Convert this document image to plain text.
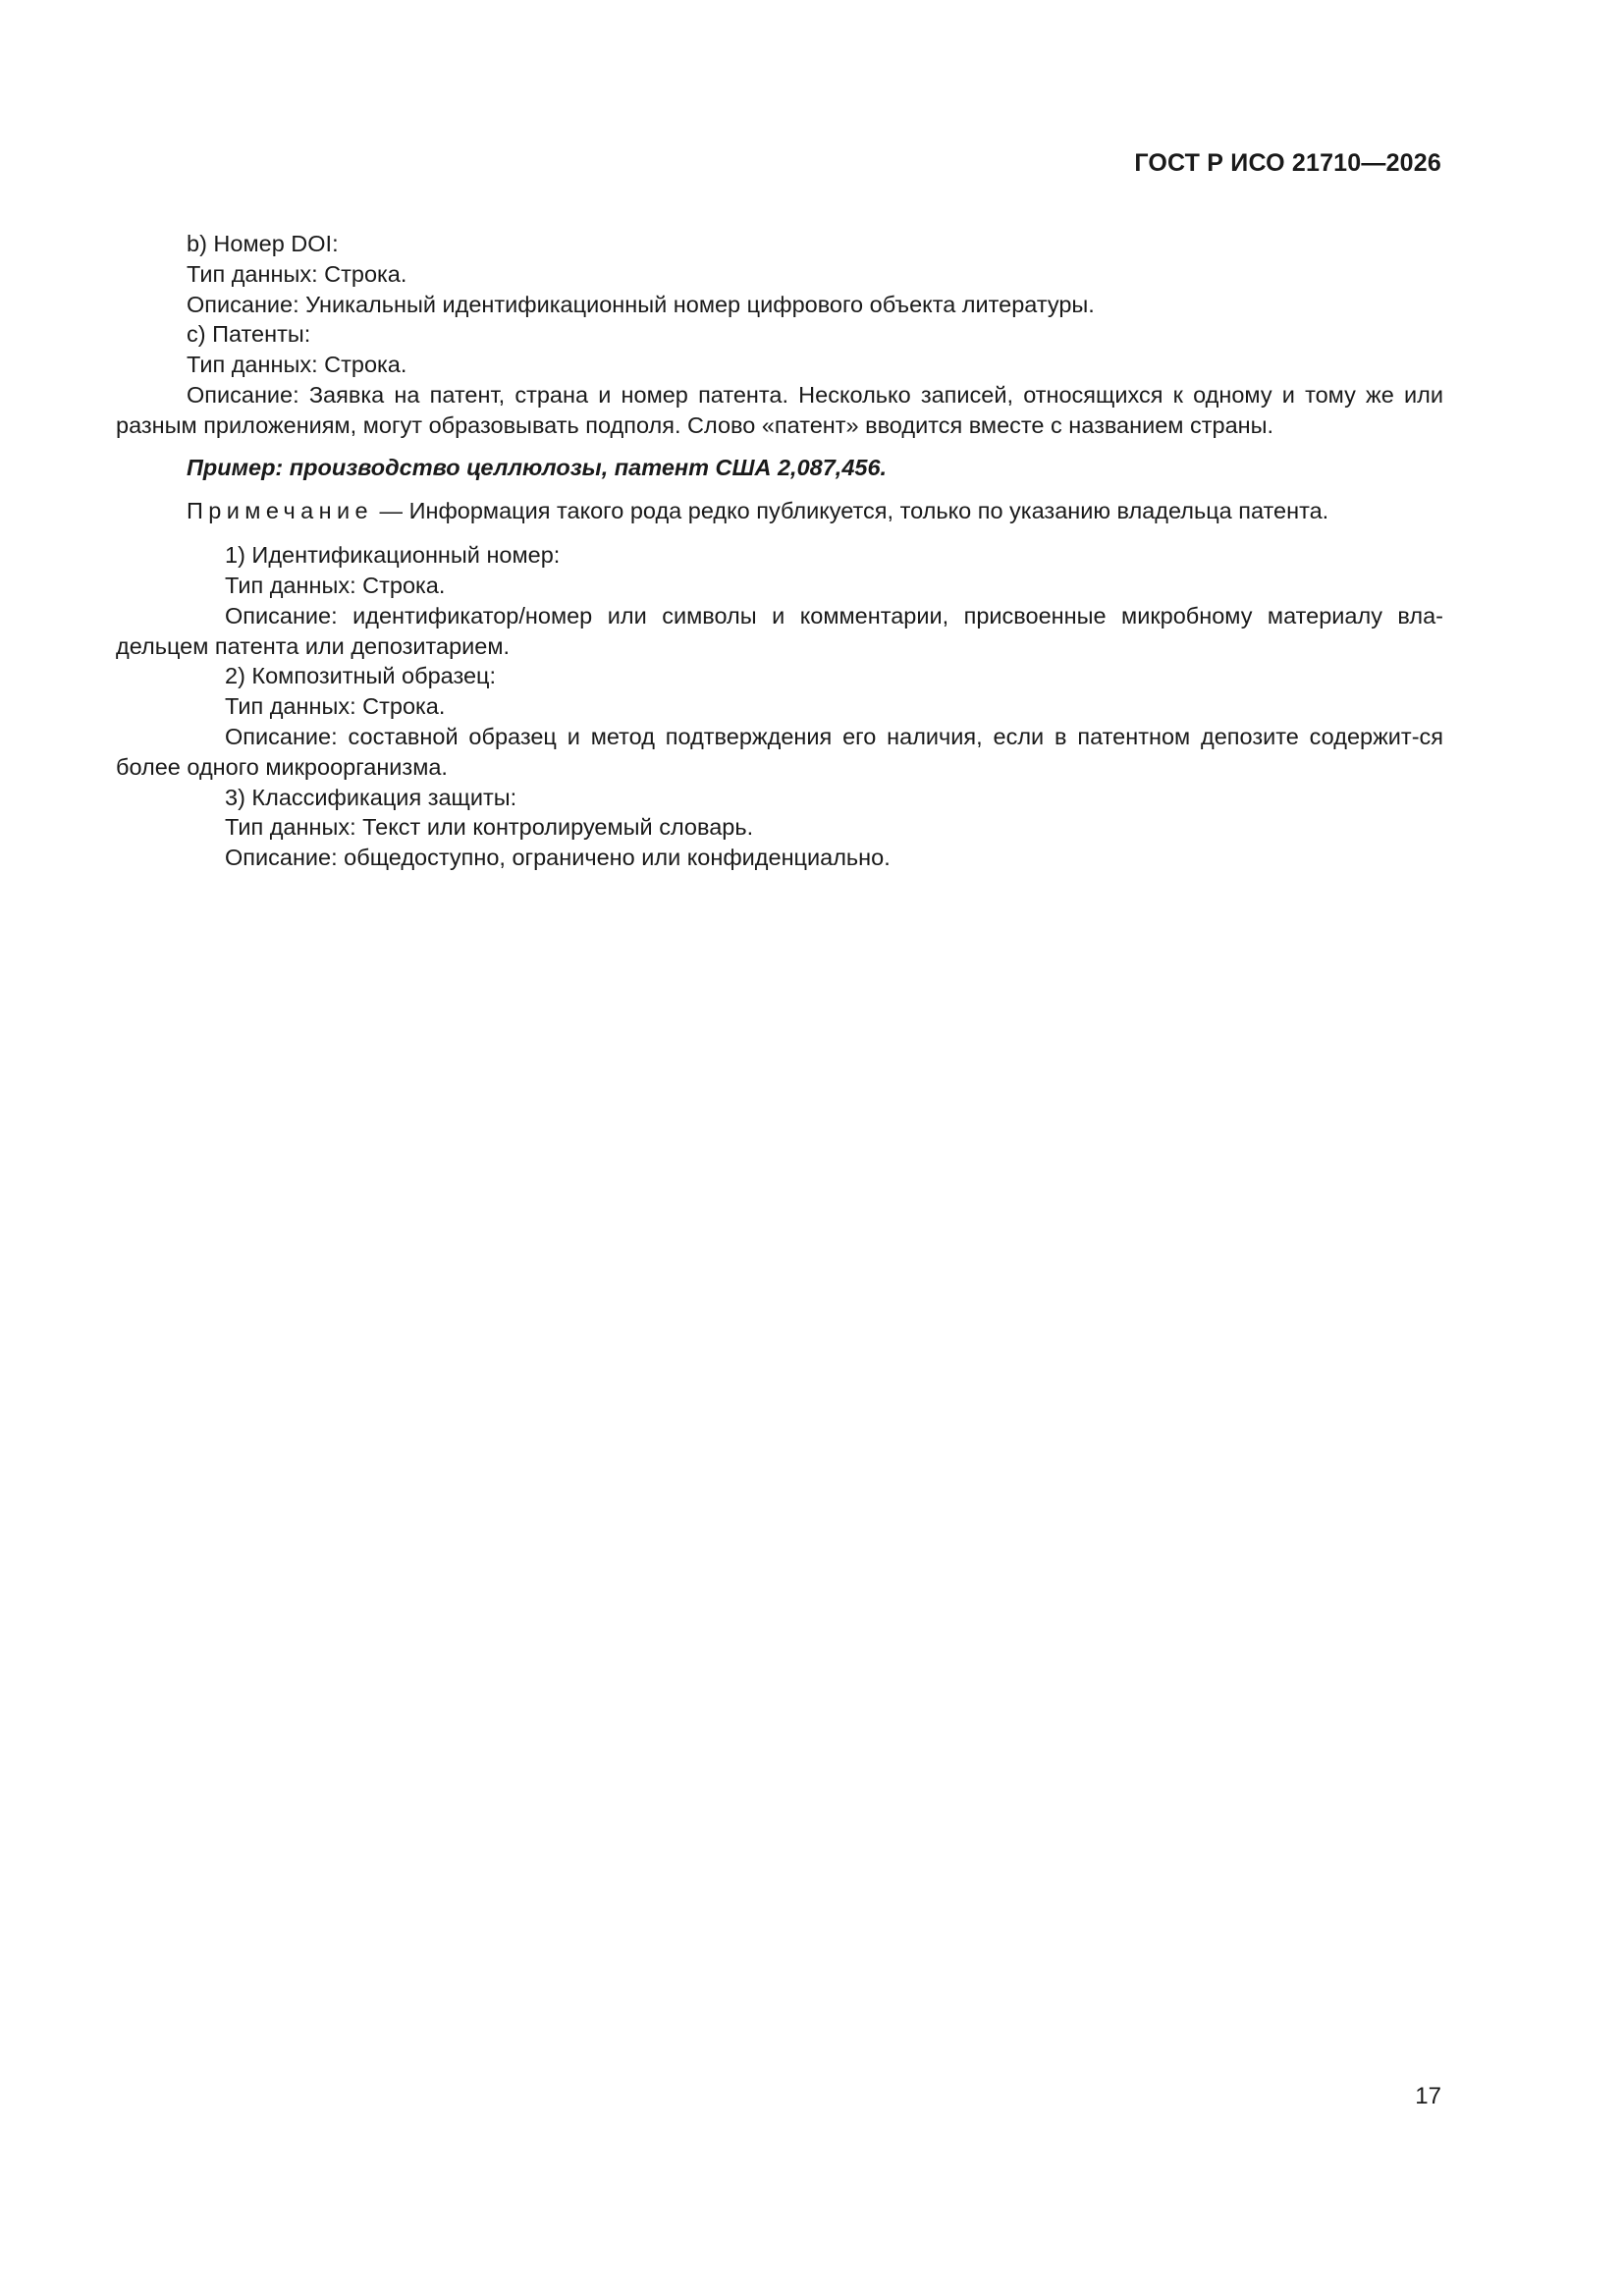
ГОСТ Р ИСО 21710—2026

b) Номер DOI:

Тип данных: Строка.

Описание: Уникальный идентификационный номер цифрового объекта литературы.

c) Патенты:

Тип данных: Строка.

Описание: Заявка на патент, страна и номер патента. Несколько записей, относящихся к одному и тому же или разным приложениям, могут образовывать подполя. Слово «патент» вводится вместе с названием страны.

Пример: производство целлюлозы, патент США 2,087,456.

Примечание — Информация такого рода редко публикуется, только по указанию владельца патента.

1) Идентификационный номер:

Тип данных: Строка.

Описание: идентификатор/номер или символы и комментарии, присвоенные микробному материалу вла-дельцем патента или депозитарием.

2) Композитный образец:

Тип данных: Строка.

Описание: составной образец и метод подтверждения его наличия, если в патентном депозите содержит-ся более одного микроорганизма.

3) Классификация защиты:

Тип данных: Текст или контролируемый словарь.

Описание: общедоступно, ограничено или конфиденциально.

17
